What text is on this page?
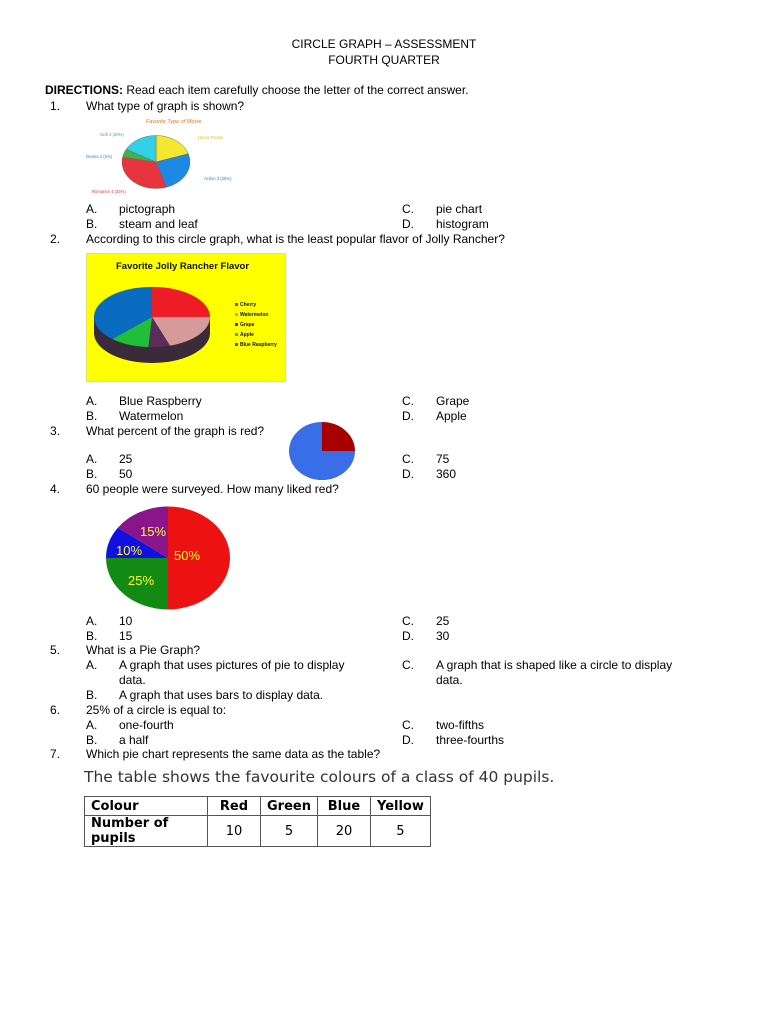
CIRCLE GRAPH – ASSESSMENT
FOURTH QUARTER
DIRECTIONS: Read each item carefully choose the letter of the correct answer.
1. What type of graph is shown?
Favorite Type of Movie
Horror Fiction
Action 3 (25%)
Romance 4 (33%)
Drama 2 (5%)
Scifi 4 (20%)
A. pictograph	C. pie chart
B. steam and leaf	D. histogram
2. According to this circle graph, what is the least popular flavor of Jolly Rancher?
Favorite Jolly Rancher Flavor
Cherry
Watermelon
Grape
Apple
Blue Raspberry
A. Blue Raspberry	C. Grape
B. Watermelon	D. Apple
3. What percent of the graph is red?
A. 25	C. 75
B. 50	D. 360
4. 60 people were surveyed. How many liked red?
50%
25%
10%
15%
A. 10	C. 25
B. 15	D. 30
5. What is a Pie Graph?
A. A graph that uses pictures of pie to display data.
C. A graph that is shaped like a circle to display data.
B. A graph that uses bars to display data.
6. 25% of a circle is equal to:
A. one-fourth	C. two-fifths
B. a half	D. three-fourths
7. Which pie chart represents the same data as the table?
The table shows the favourite colours of a class of 40 pupils.
Colour	Red	Green	Blue	Yellow
Number of pupils	10	5	20	5
